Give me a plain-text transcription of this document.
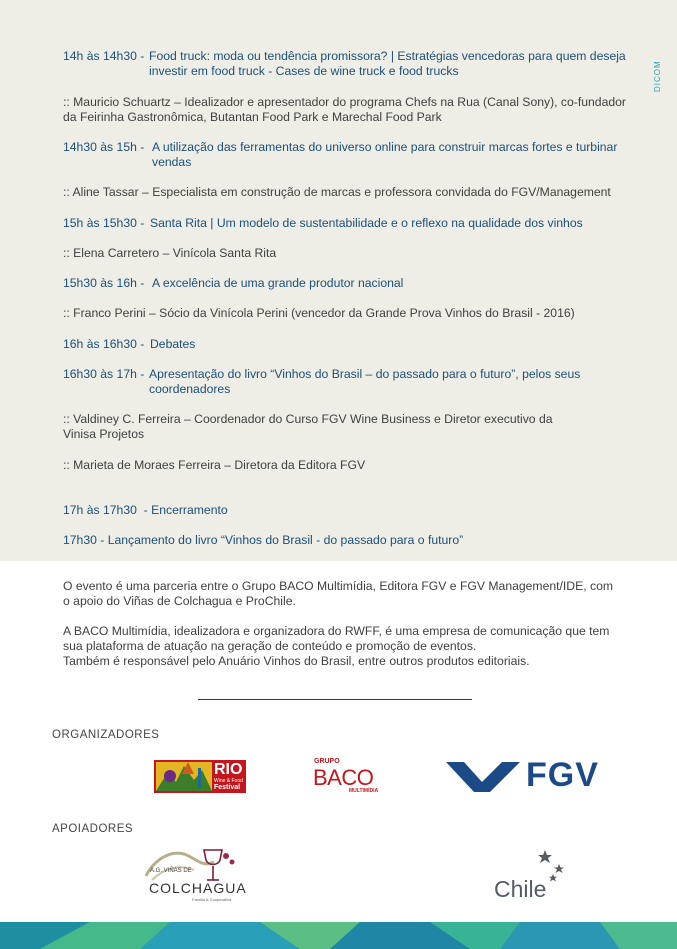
DICOM
14h às 14h30 - Food truck: moda ou tendência promissora? | Estratégias vencedoras para quem deseja investir em food truck - Cases de wine truck e food trucks
:: Mauricio Schuartz – Idealizador e apresentador do programa Chefs na Rua (Canal Sony), co-fundador da Feirinha Gastronômica, Butantan Food Park e Marechal Food Park
14h30 às 15h - A utilização das ferramentas do universo online para construir marcas fortes e turbinar vendas
:: Aline Tassar – Especialista em construção de marcas e professora convidada do FGV/Management
15h às 15h30 - Santa Rita | Um modelo de sustentabilidade e o reflexo na qualidade dos vinhos
:: Elena Carretero – Vinícola Santa Rita
15h30 às 16h - A excelência de uma grande produtor nacional
:: Franco Perini – Sócio da Vinícola Perini (vencedor da Grande Prova Vinhos do Brasil - 2016)
16h às 16h30 - Debates
16h30 às 17h - Apresentação do livro “Vinhos do Brasil – do passado para o futuro”, pelos seus coordenadores
:: Valdiney C. Ferreira – Coordenador do Curso FGV Wine Business e Diretor executivo da Vinisa Projetos
:: Marieta de Moraes Ferreira – Diretora da Editora FGV
17h às 17h30  - Encerramento
17h30 - Lançamento do livro “Vinhos do Brasil - do passado para o futuro”
O evento é uma parceria entre o Grupo BACO Multimídia, Editora FGV e FGV Management/IDE, com o apoio do Viñas de Colchagua e ProChile.
A BACO Multimídia, idealizadora e organizadora do RWFF, é uma empresa de comunicação que tem sua plataforma de atuação na geração de conteúdo e promoção de eventos.
Também é responsável pelo Anuário Vinhos do Brasil, entre outros produtos editoriais.
ORGANIZADORES
APOIADORES
RIO
Wine & Food
Festival
GRUPO
BACO
MULTIMÍDIA	FGV
A.G. VIÑAS DE
COLCHAGUA
Familia & Cooperativa	Chile
